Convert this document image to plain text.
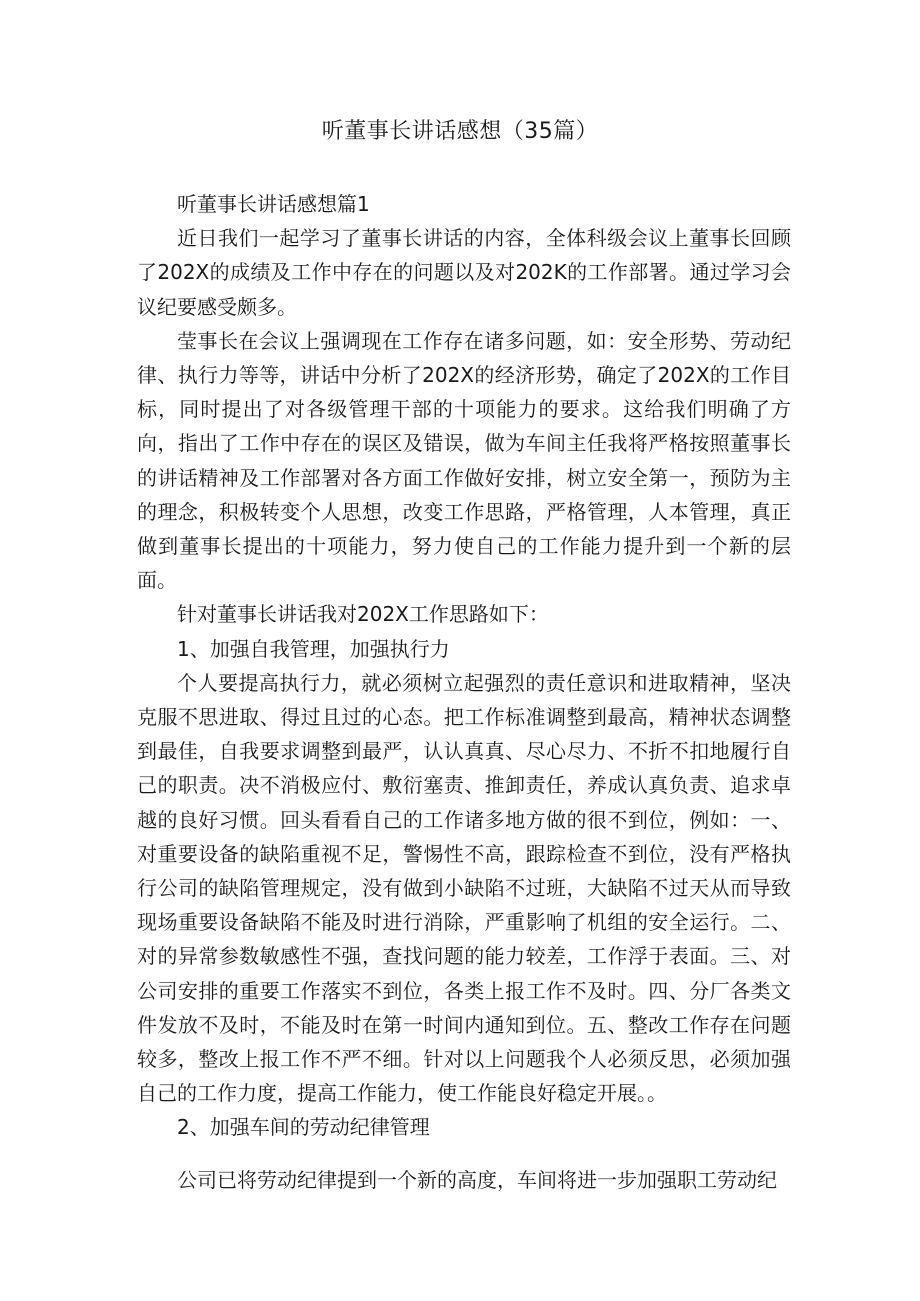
听董事长讲话感想（35篇）

听董事长讲话感想篇1

近日我们一起学习了董事长讲话的内容，全体科级会议上董事长回顾了202X的成绩及工作中存在的问题以及对202K的工作部署。通过学习会议纪要感受颇多。

莹事长在会议上强调现在工作存在诸多问题，如：安全形势、劳动纪律、执行力等等，讲话中分析了202X的经济形势，确定了202X的工作目标，同时提出了对各级管理干部的十项能力的要求。这给我们明确了方向，指出了工作中存在的误区及错误，做为车间主任我将严格按照董事长的讲话精神及工作部署对各方面工作做好安排，树立安全第一，预防为主的理念，积极转变个人思想，改变工作思路，严格管理，人本管理，真正做到董事长提出的十项能力，努力使自己的工作能力提升到一个新的层面。

针对董事长讲话我对202X工作思路如下：

1、加强自我管理，加强执行力

个人要提高执行力，就必须树立起强烈的责任意识和进取精神，坚决克服不思进取、得过且过的心态。把工作标准调整到最高，精神状态调整到最佳，自我要求调整到最严，认认真真、尽心尽力、不折不扣地履行自己的职责。决不消极应付、敷衍塞责、推卸责任，养成认真负责、追求卓越的良好习惯。回头看看自己的工作诸多地方做的很不到位，例如：一、对重要设备的缺陷重视不足，警惕性不高，跟踪检查不到位，没有严格执行公司的缺陷管理规定，没有做到小缺陷不过班，大缺陷不过天从而导致现场重要设备缺陷不能及时进行消除，严重影响了机组的安全运行。二、对的异常参数敏感性不强，查找问题的能力较差，工作浮于表面。三、对公司安排的重要工作落实不到位，各类上报工作不及时。四、分厂各类文件发放不及时，不能及时在第一时间内通知到位。五、整改工作存在问题较多，整改上报工作不严不细。针对以上问题我个人必须反思，必须加强自己的工作力度，提高工作能力，使工作能良好稳定开展。。

2、加强车间的劳动纪律管理

公司已将劳动纪律提到一个新的高度，车间将进一步加强职工劳动纪
